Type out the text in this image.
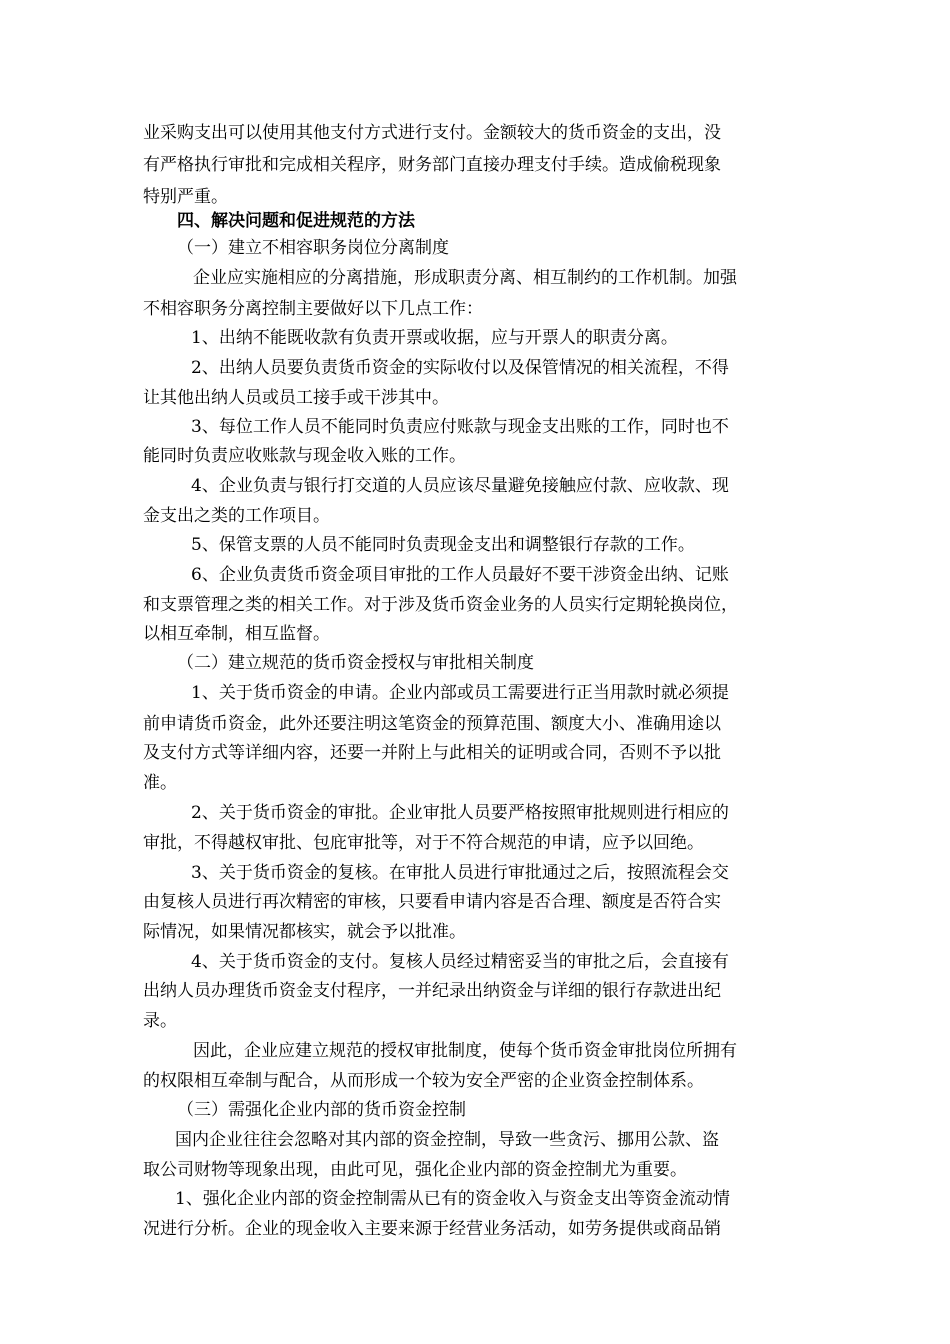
业采购支出可以使用其他支付方式进行支付。金额较大的货币资金的支出，没
有严格执行审批和完成相关程序，财务部门直接办理支付手续。造成偷税现象
特别严重。
四、解决问题和促进规范的方法
（一）建立不相容职务岗位分离制度
企业应实施相应的分离措施，形成职责分离、相互制约的工作机制。加强
不相容职务分离控制主要做好以下几点工作：
1、出纳不能既收款有负责开票或收据，应与开票人的职责分离。
2、出纳人员要负责货币资金的实际收付以及保管情况的相关流程，不得
让其他出纳人员或员工接手或干涉其中。
3、每位工作人员不能同时负责应付账款与现金支出账的工作，同时也不
能同时负责应收账款与现金收入账的工作。
4、企业负责与银行打交道的人员应该尽量避免接触应付款、应收款、现
金支出之类的工作项目。
5、保管支票的人员不能同时负责现金支出和调整银行存款的工作。
6、企业负责货币资金项目审批的工作人员最好不要干涉资金出纳、记账
和支票管理之类的相关工作。对于涉及货币资金业务的人员实行定期轮换岗位，
以相互牵制，相互监督。
（二）建立规范的货币资金授权与审批相关制度
1、关于货币资金的申请。企业内部或员工需要进行正当用款时就必须提
前申请货币资金，此外还要注明这笔资金的预算范围、额度大小、准确用途以
及支付方式等详细内容，还要一并附上与此相关的证明或合同，否则不予以批
准。
2、关于货币资金的审批。企业审批人员要严格按照审批规则进行相应的
审批，不得越权审批、包庇审批等，对于不符合规范的申请，应予以回绝。
3、关于货币资金的复核。在审批人员进行审批通过之后，按照流程会交
由复核人员进行再次精密的审核，只要看申请内容是否合理、额度是否符合实
际情况，如果情况都核实，就会予以批准。
4、关于货币资金的支付。复核人员经过精密妥当的审批之后，会直接有
出纳人员办理货币资金支付程序，一并纪录出纳资金与详细的银行存款进出纪
录。
因此，企业应建立规范的授权审批制度，使每个货币资金审批岗位所拥有
的权限相互牵制与配合，从而形成一个较为安全严密的企业资金控制体系。
（三）需强化企业内部的货币资金控制
国内企业往往会忽略对其内部的资金控制，导致一些贪污、挪用公款、盗
取公司财物等现象出现，由此可见，强化企业内部的资金控制尤为重要。
1、强化企业内部的资金控制需从已有的资金收入与资金支出等资金流动情
况进行分析。企业的现金收入主要来源于经营业务活动，如劳务提供或商品销
